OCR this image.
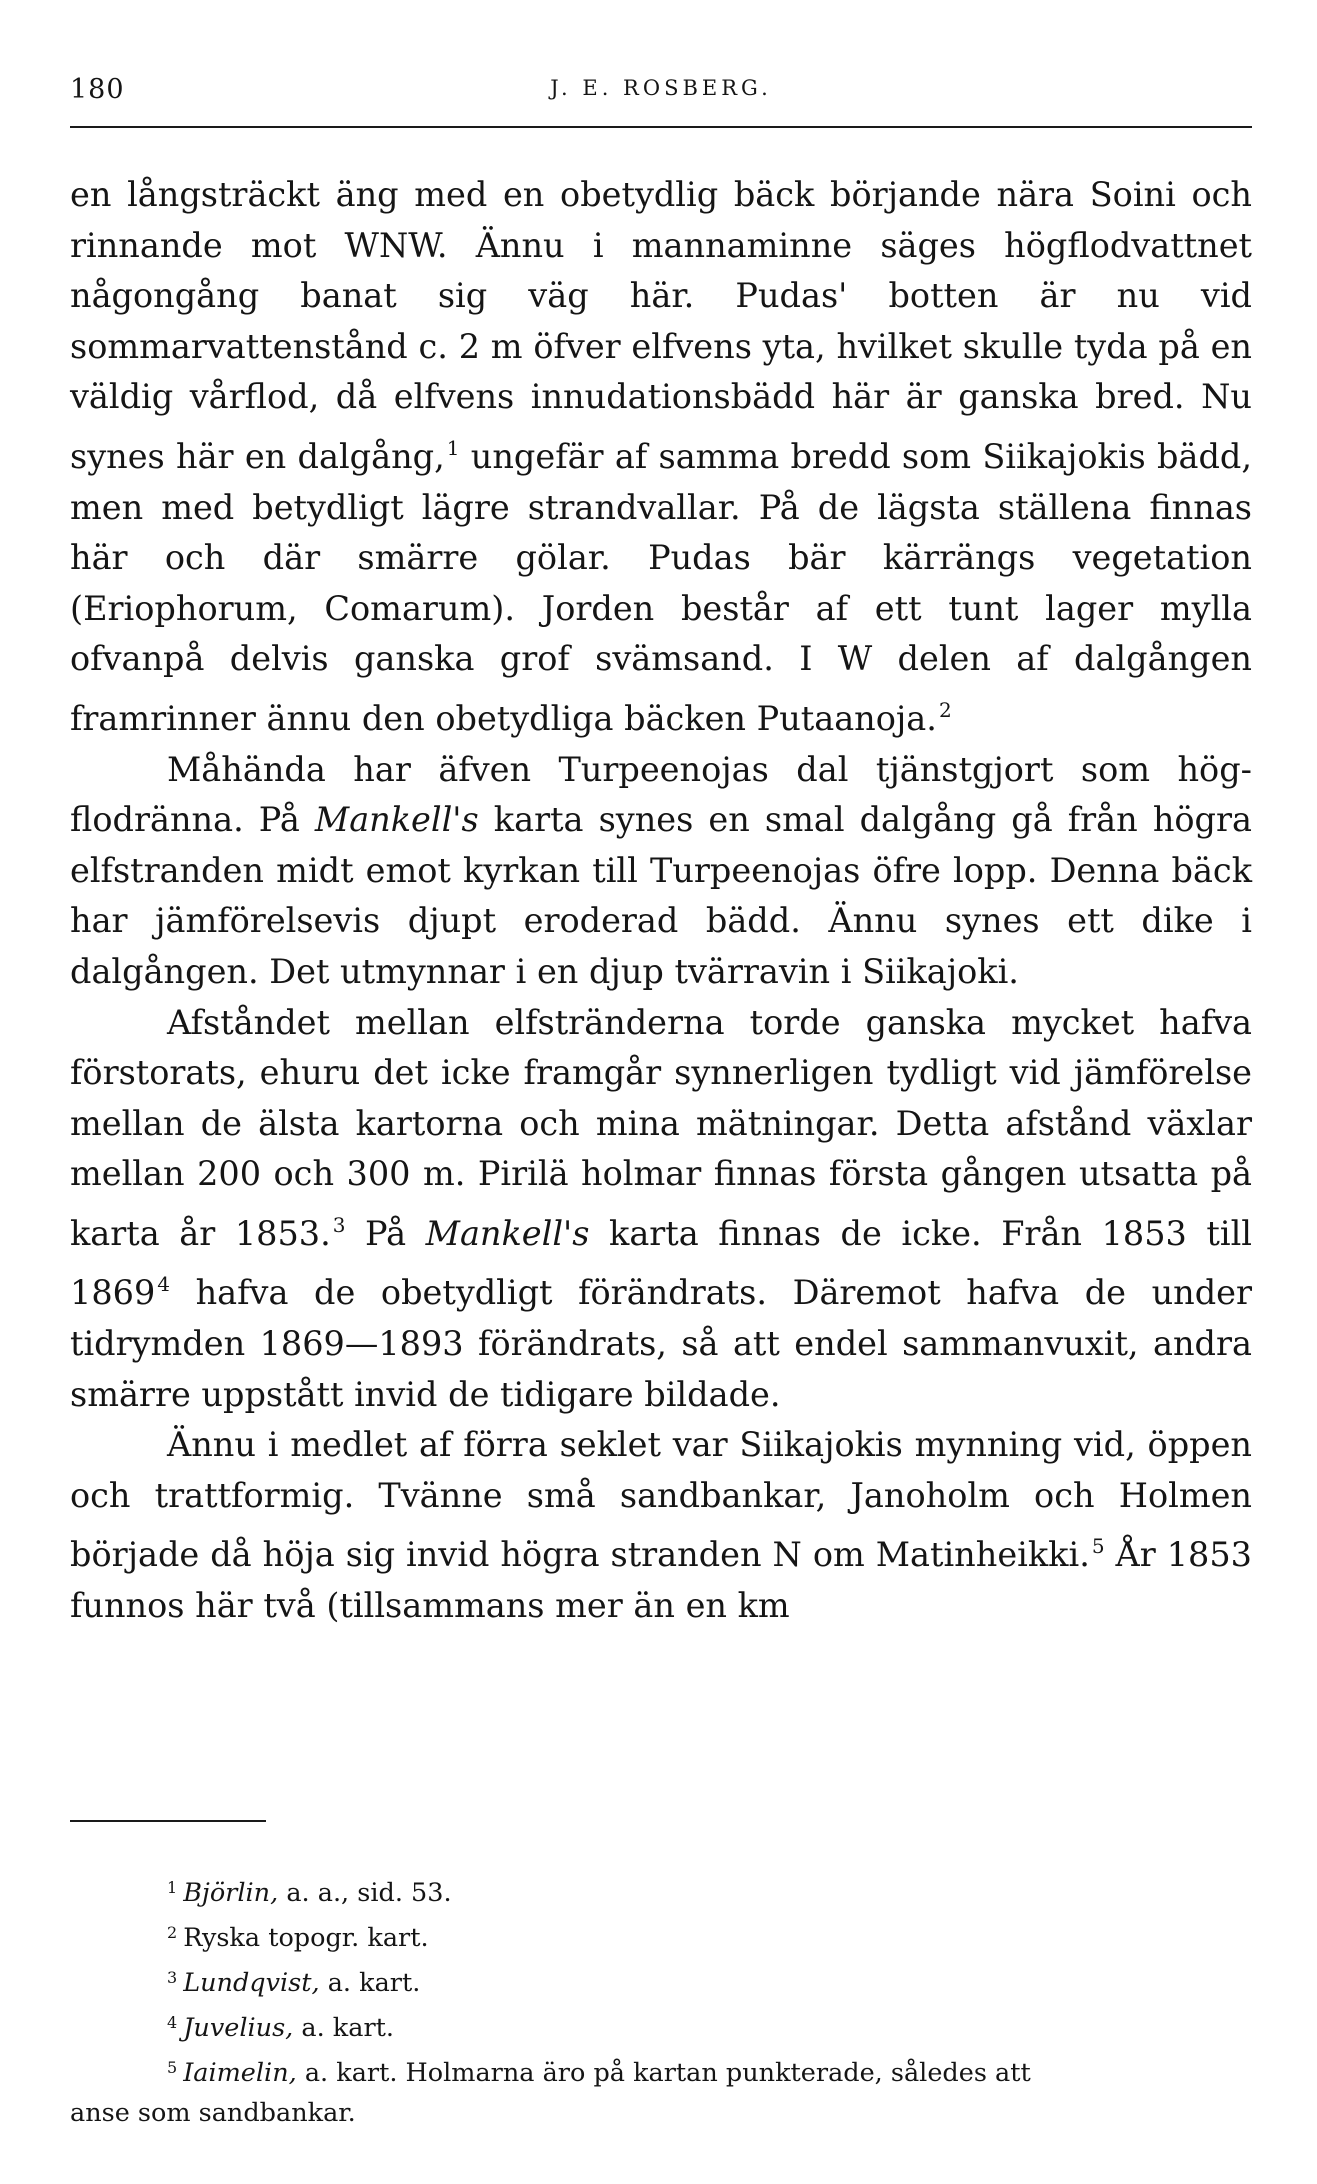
180	J. E. ROSBERG.

en långsträckt äng med en obetydlig bäck börjande nära Soini och rinnande mot WNW. Ännu i mannaminne säges högflodvattnet någongång banat sig väg här. Pudas' botten är nu vid sommarvattenstånd c. 2 m öfver elfvens yta, hvilket skulle tyda på en väldig vårflod, då elfvens innudationsbädd här är ganska bred. Nu synes här en dalgång, $^1$ ungefär af samma bredd som Siikajokis bädd, men med betydligt lägre strandvallar. På de lägsta ställena finnas här och där smärre gölar. Pudas bär kärrängs vegetation (Eriophorum, Comarum). Jorden består af ett tunt lager mylla ofvanpå delvis ganska grof svämsand. I W delen af dalgången framrinner ännu den obetydliga bäcken Putaanoja. $^2$

Måhända har äfven Turpeenojas dal tjänstgjort som högflodränna. På Mankell's karta synes en smal dalgång gå från högra elfstranden midt emot kyrkan till Turpeenojas öfre lopp. Denna bäck har jämförelsevis djupt eroderad bädd. Ännu synes ett dike i dalgången. Det utmynnar i en djup tvärravin i Siikajoki.

Afståndet mellan elfstränderna torde ganska mycket hafva förstorats, ehuru det icke framgår synnerligen tydligt vid jämförelse mellan de älsta kartorna och mina mätningar. Detta afstånd växlar mellan 200 och 300 m. Pirilä holmar finnas första gången utsatta på karta år 1853. $^3$ På Mankell's karta finnas de icke. Från 1853 till 1869 $^4$ hafva de obetydligt förändrats. Däremot hafva de under tidrymden 1869—1893 förändrats, så att endel sammanvuxit, andra smärre uppstått invid de tidigare bildade.

Ännu i medlet af förra seklet var Siikajokis mynning vid, öppen och trattformig. Tvänne små sandbankar, Janoholm och Holmen började då höja sig invid högra stranden N om Matinheikki. $^5$ År 1853 funnos här två (tillsammans mer än en km

$^1$ Björlin, a. a., sid. 53.

$^2$ Ryska topogr. kart.

$^3$ Lundqvist, a. kart.

$^4$ Juvelius, a. kart.

$^5$ Iaimelin, a. kart. Holmarna äro på kartan punkterade, således att

anse som sandbankar.
